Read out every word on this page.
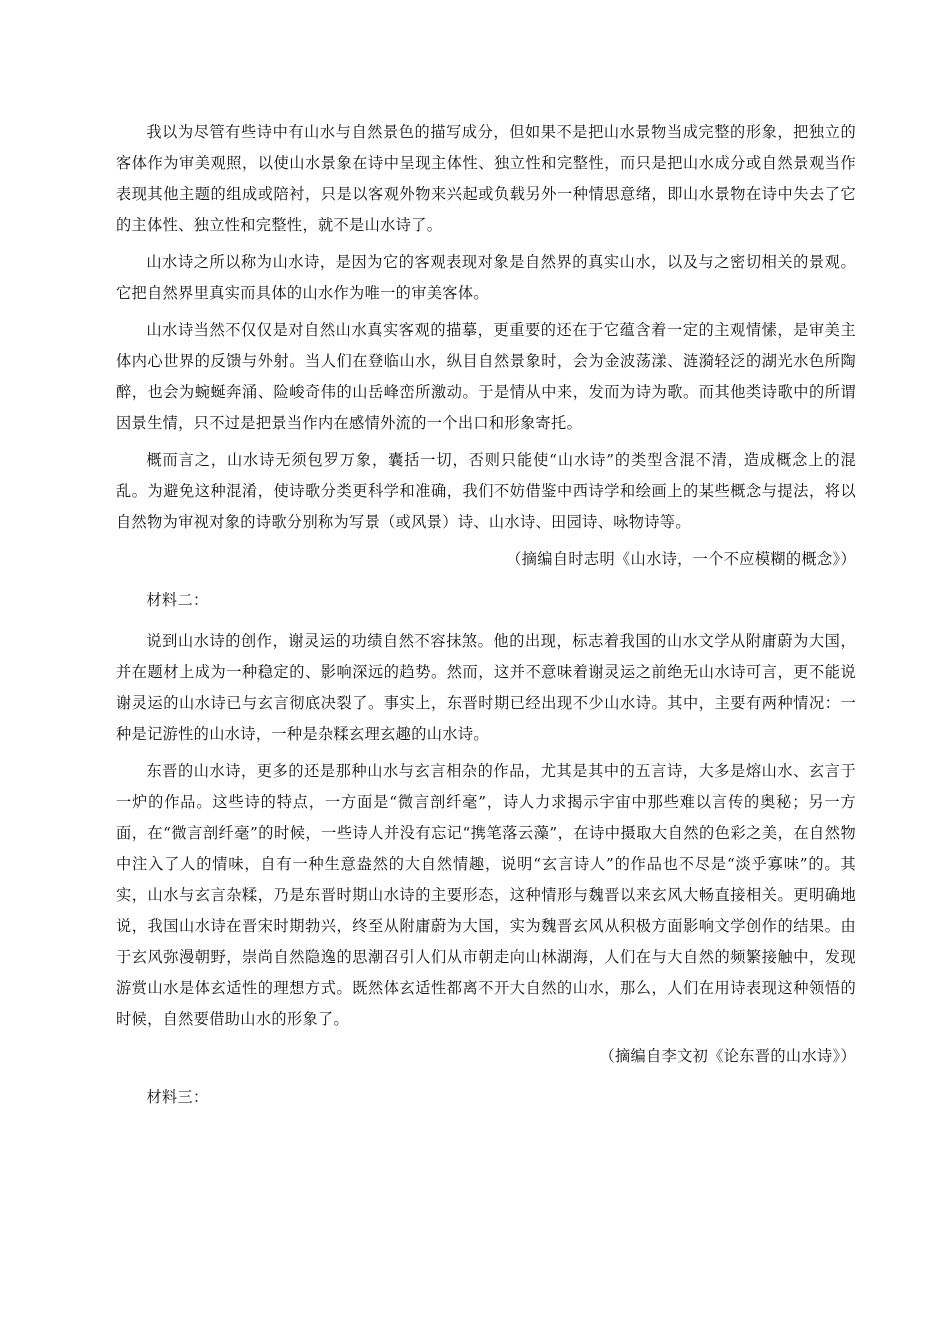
我以为尽管有些诗中有山水与自然景色的描写成分，但如果不是把山水景物当成完整的形象，把独立的客体作为审美观照，以使山水景象在诗中呈现主体性、独立性和完整性，而只是把山水成分或自然景观当作表现其他主题的组成或陪衬，只是以客观外物来兴起或负载另外一种情思意绪，即山水景物在诗中失去了它的主体性、独立性和完整性，就不是山水诗了。

山水诗之所以称为山水诗，是因为它的客观表现对象是自然界的真实山水，以及与之密切相关的景观。它把自然界里真实而具体的山水作为唯一的审美客体。

山水诗当然不仅仅是对自然山水真实客观的描摹，更重要的还在于它蕴含着一定的主观情愫，是审美主体内心世界的反馈与外射。当人们在登临山水，纵目自然景象时，会为金波荡漾、涟漪轻泛的湖光水色所陶醉，也会为蜿蜒奔涌、险峻奇伟的山岳峰峦所激动。于是情从中来，发而为诗为歌。而其他类诗歌中的所谓因景生情，只不过是把景当作内在感情外流的一个出口和形象寄托。

概而言之，山水诗无须包罗万象，囊括一切，否则只能使“山水诗”的类型含混不清，造成概念上的混乱。为避免这种混淆，使诗歌分类更科学和准确，我们不妨借鉴中西诗学和绘画上的某些概念与提法，将以自然物为审视对象的诗歌分别称为写景（或风景）诗、山水诗、田园诗、咏物诗等。

（摘编自时志明《山水诗，一个不应模糊的概念》）

材料二：

说到山水诗的创作，谢灵运的功绩自然不容抹煞。他的出现，标志着我国的山水文学从附庸蔚为大国，并在题材上成为一种稳定的、影响深远的趋势。然而，这并不意味着谢灵运之前绝无山水诗可言，更不能说谢灵运的山水诗已与玄言彻底决裂了。事实上，东晋时期已经出现不少山水诗。其中，主要有两种情况：一种是记游性的山水诗，一种是杂糅玄理玄趣的山水诗。

东晋的山水诗，更多的还是那种山水与玄言相杂的作品，尤其是其中的五言诗，大多是熔山水、玄言于一炉的作品。这些诗的特点，一方面是“微言剖纤毫”，诗人力求揭示宇宙中那些难以言传的奥秘；另一方面，在“微言剖纤毫”的时候，一些诗人并没有忘记“携笔落云藻”，在诗中摄取大自然的色彩之美，在自然物中注入了人的情味，自有一种生意盎然的大自然情趣，说明“玄言诗人”的作品也不尽是“淡乎寡味”的。其实，山水与玄言杂糅，乃是东晋时期山水诗的主要形态，这种情形与魏晋以来玄风大畅直接相关。更明确地说，我国山水诗在晋宋时期勃兴，终至从附庸蔚为大国，实为魏晋玄风从积极方面影响文学创作的结果。由于玄风弥漫朝野，崇尚自然隐逸的思潮召引人们从市朝走向山林湖海，人们在与大自然的频繁接触中，发现游赏山水是体玄适性的理想方式。既然体玄适性都离不开大自然的山水，那么，人们在用诗表现这种领悟的时候，自然要借助山水的形象了。

（摘编自李文初《论东晋的山水诗》）

材料三：
